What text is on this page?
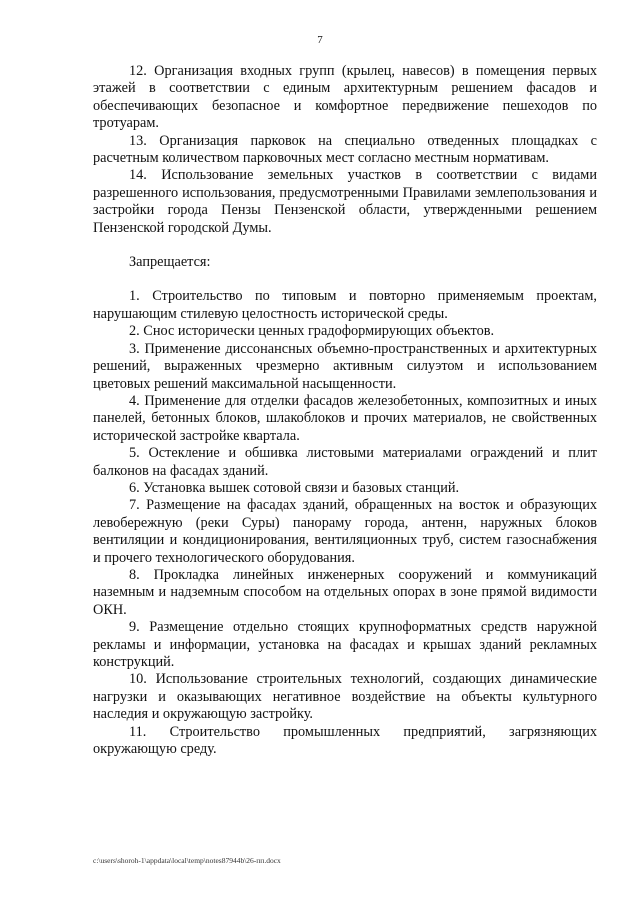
7

12. Организация входных групп (крылец, навесов) в помещения первых этажей в соответствии с единым архитектурным решением фасадов и обеспечивающих безопасное и комфортное передвижение пешеходов по тротуарам.

13. Организация парковок на специально отведенных площадках с расчетным количеством парковочных мест согласно местным нормативам.

14. Использование земельных участков в соответствии с видами разрешенного использования, предусмотренными Правилами землепользования и застройки города Пензы Пензенской области, утвержденными решением Пензенской городской Думы.

Запрещается:

1. Строительство по типовым и повторно применяемым проектам, нарушающим стилевую целостность исторической среды.

2. Снос исторически ценных градоформирующих объектов.

3. Применение диссонансных объемно-пространственных и архитектурных решений, выраженных чрезмерно активным силуэтом и использованием цветовых решений максимальной насыщенности.

4. Применение для отделки фасадов железобетонных, композитных и иных панелей, бетонных блоков, шлакоблоков и прочих материалов, не свойственных исторической застройке квартала.

5. Остекление и обшивка листовыми материалами ограждений и плит балконов на фасадах зданий.

6. Установка вышек сотовой связи и базовых станций.

7. Размещение на фасадах зданий, обращенных на восток и образующих левобережную (реки Суры) панораму города, антенн, наружных блоков вентиляции и кондиционирования, вентиляционных труб, систем газоснабжения и прочего технологического оборудования.

8. Прокладка линейных инженерных сооружений и коммуникаций наземным и надземным способом на отдельных опорах в зоне прямой видимости ОКН.

9. Размещение отдельно стоящих крупноформатных средств наружной рекламы и информации, установка на фасадах и крышах зданий рекламных конструкций.

10. Использование строительных технологий, создающих динамические нагрузки и оказывающих негативное воздействие на объекты культурного наследия и окружающую застройку.

11. Строительство промышленных предприятий, загрязняющих окружающую среду.

c:\users\shoroh-1\appdata\local\temp\notes87944b\26-пп.docx
